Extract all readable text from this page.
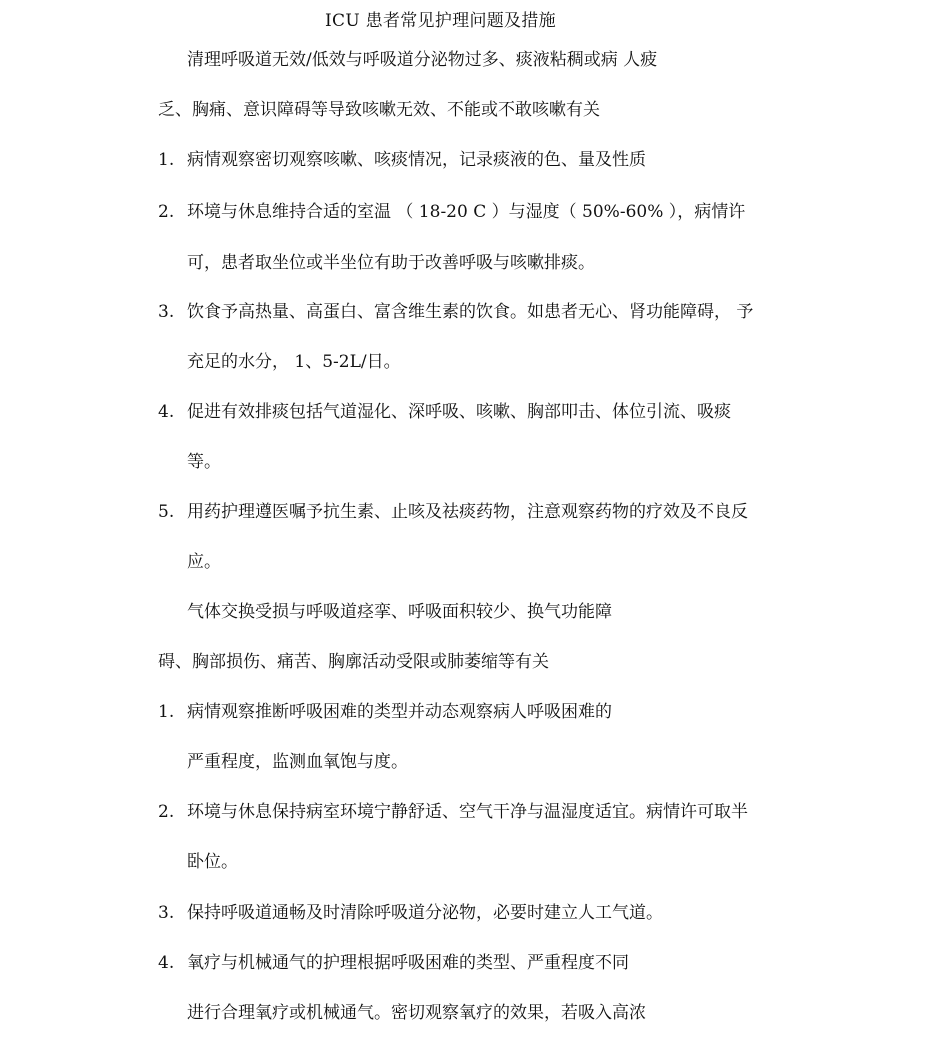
ICU 患者常见护理问题及措施
清理呼吸道无效/低效与呼吸道分泌物过多、痰液粘稠或病 人疲
乏、胸痛、意识障碍等导致咳嗽无效、不能或不敢咳嗽有关
1. 病情观察密切观察咳嗽、咳痰情况，记录痰液的色、量及性质
2. 环境与休息维持合适的室温 （ 18-20 C ）与湿度（ 50%-60% ），病情许
可，患者取坐位或半坐位有助于改善呼吸与咳嗽排痰。
3. 饮食予高热量、高蛋白、富含维生素的饮食。如患者无心、肾功能障碍， 予
充足的水分， 1、5-2L/日。
4. 促进有效排痰包括气道湿化、深呼吸、咳嗽、胸部叩击、体位引流、吸痰
等。
5. 用药护理遵医嘱予抗生素、止咳及祛痰药物，注意观察药物的疗效及不良反
应。
气体交换受损与呼吸道痉挛、呼吸面积较少、换气功能障
碍、胸部损伤、痛苦、胸廓活动受限或肺萎缩等有关
1. 病情观察推断呼吸困难的类型并动态观察病人呼吸困难的
严重程度，监测血氧饱与度。
2. 环境与休息保持病室环境宁静舒适、空气干净与温湿度适宜。病情许可取半
卧位。
3. 保持呼吸道通畅及时清除呼吸道分泌物，必要时建立人工气道。
4. 氧疗与机械通气的护理根据呼吸困难的类型、严重程度不同
进行合理氧疗或机械通气。密切观察氧疗的效果，若吸入高浓
